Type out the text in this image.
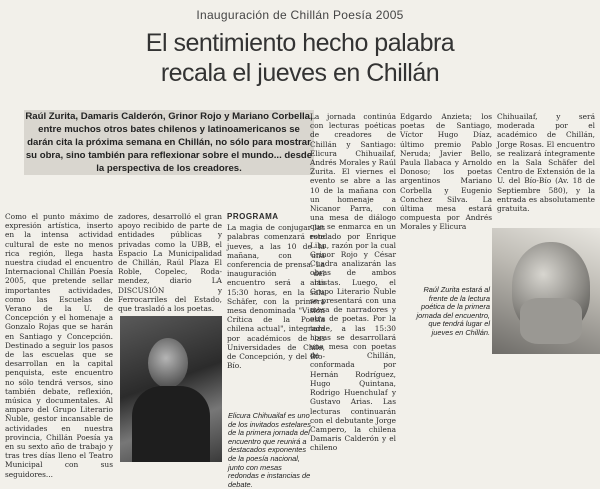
Inauguración de Chillán Poesía 2005
El sentimiento hecho palabra
recala el jueves en Chillán
Raúl Zurita, Damaris Calderón, Grinor Rojo y Mariano Corbella, entre muchos otros bates chilenos y latinoamericanos se darán cita la próxima semana en Chillán, no sólo para mostrar su obra, sino también para reflexionar sobre el mundo... desde la perspectiva de los creadores.

Como el punto máximo de expresión artística, inserto en la intensa actividad cultural de este no menos rica región, llega hasta nuestra ciudad el encuentro Internacional Chillán Poesía 2005, que pretende sellar importantes actividades, como las Escuelas de Verano de la U. de Concepción y el homenaje a Gonzalo Rojas que se harán en Santiago y Concepción. Destinado a seguir los pasos de las escuelas que se desarrollan en la capital penquista, este encuentro no sólo tendrá versos, sino también debate, reflexión, música y documentales. Al amparo del Grupo Literario Ñuble, gestor incansable de actividades en nuestra provincia, Chillán Poesía ya en su sexto año de trabajo y tras tres días lleno el Teatro Municipal con sus seguidores...

zadores, desarrolló el gran apoyo recibido de parte de entidades públicas y privadas como la UBB, el Espacio La Municipalidad de Chillán, Raúl Plaza El Roble, Copelec, Roda-mendez, diario LA DISCUSIÓN y Ferrocarriles del Estado, que trasladó a los poetas.

PROGRAMA

La magia de conjugar las palabras comenzará este jueves, a las 10 de la mañana, con una conferencia de prensa. La inauguración del encuentro será a las 15:30 horas, en la sala Schäfer, con la primera mesa denominada "Visión Crítica de la Poesía chilena actual", integrada por académicos de las Universidades de Chile, de Concepción, y del Bío-Bío.

La jornada continúa con lecturas poéticas de creadores de Chillán y Santiago: Elicura Chihuailaf, Andrés Morales y Raúl Zurita. El viernes el evento se abre a las 10 de la mañana con un homenaje a Nicanor Parra, con una mesa de diálogo que se enmarca en un rondado por Enrique Lihn, razón por la cual Grinor Rojo y César Cuadra analizarán las obras de ambos artistas. Luego, el Grupo Literario Ñuble se presentará con una mesa de narradores y otra de poetas. Por la tarde, a las 15:30 horas se desarrollará una mesa con poetas de Chillán, conformada por Hernán Rodríguez, Hugo Quintana, Rodrigo Huenchulaf y Gustavo Arias. Las lecturas continuarán con el debutante Jorge Campero, la chilena Damaris Calderón y el chileno

Edgardo Anzieta; los poetas de Santiago, Víctor Hugo Díaz, último premio Pablo Neruda; Javier Bello, Paula Ilabaca y Arnoldo Donoso; los poetas argentinos Mariano Corbella y Eugenio Conchez Silva. La última mesa estará compuesta por Andrés Morales y Elicura

Chihuailaf, y será moderada por el académico de Chillán, Jorge Rosas. El encuentro se realizará íntegramente en la Sala Schäfer del Centro de Extensión de la U. del Bío-Bío (Av. 18 de Septiembre 580), y la entrada es absolutamente gratuita.

Elicura Chihuailaf es uno de los invitados estelares de la primera jornada del encuentro que reunirá a destacados exponentes de la poesía nacional, junto con mesas redondas e instancias de debate.
Raúl Zurita estará al frente de la lectura poética de la primera jornada del encuentro, que tendrá lugar el jueves en Chillán.
